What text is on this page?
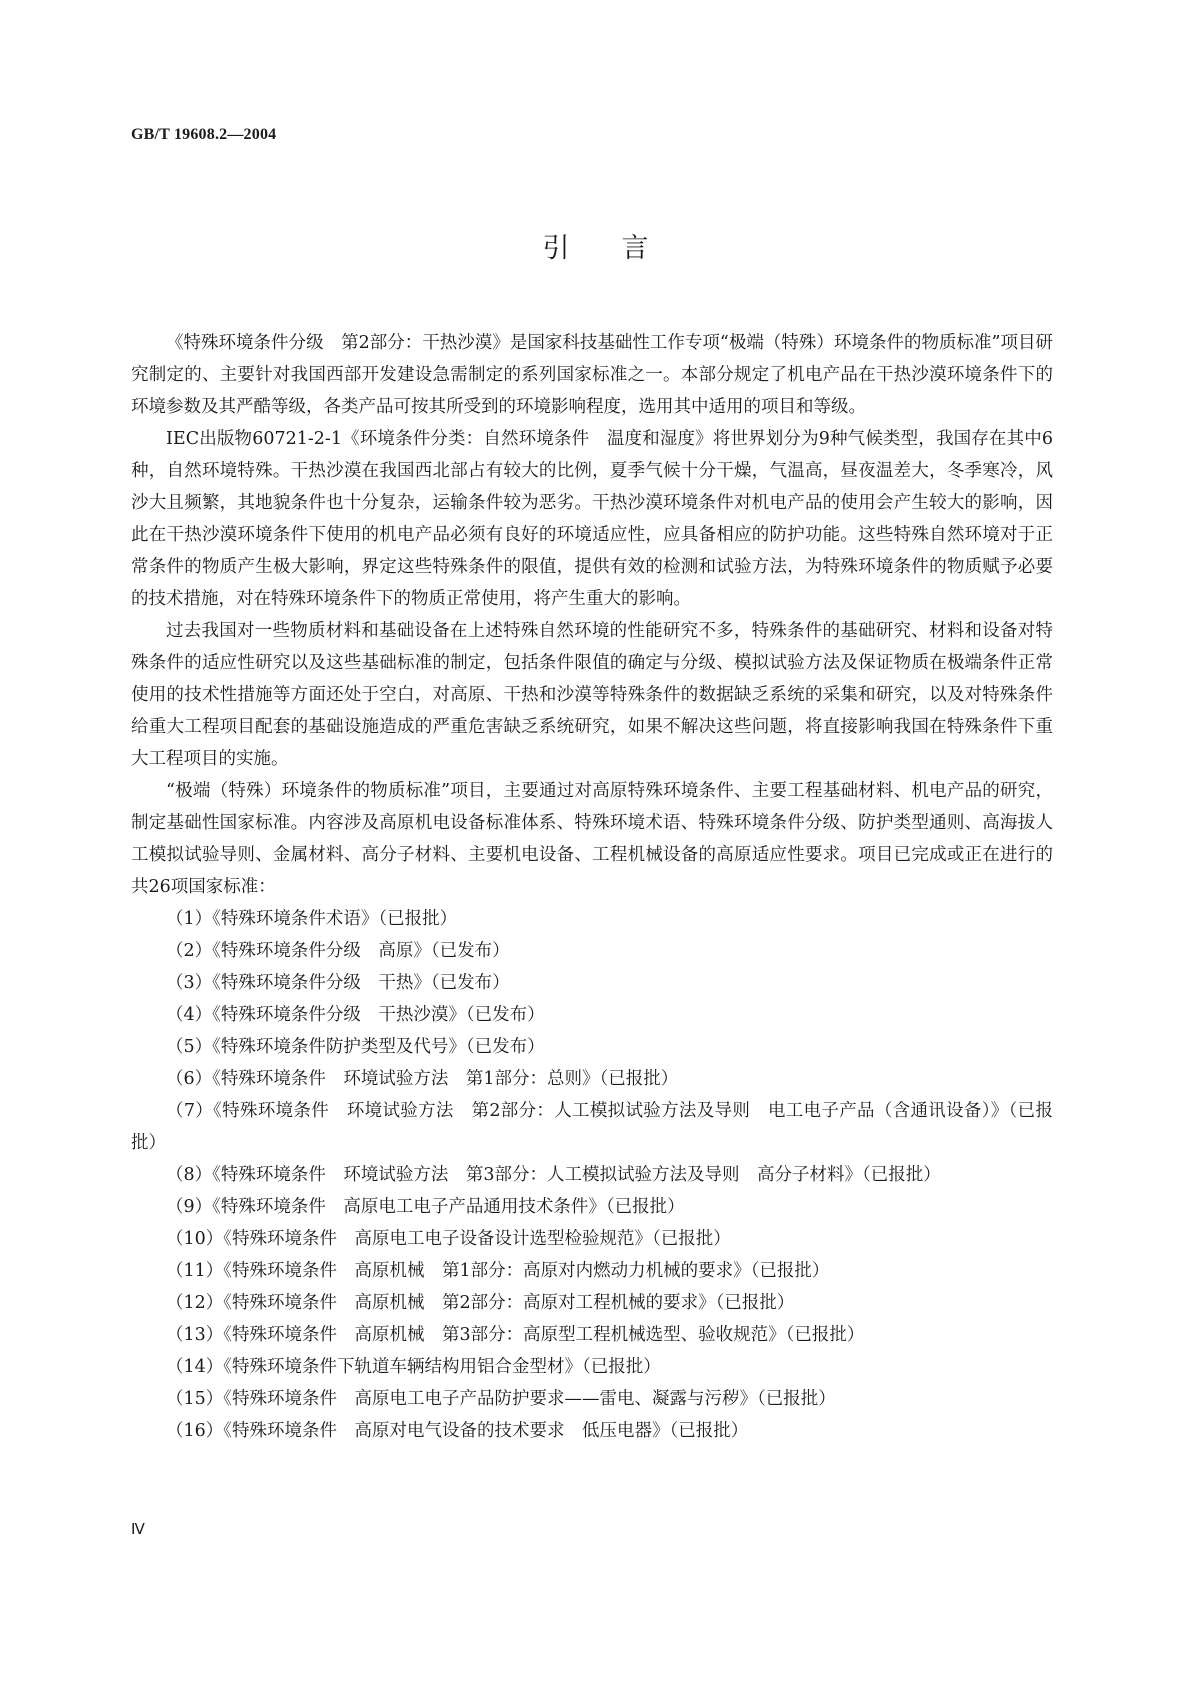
GB/T 19608.2—2004
引言

《特殊环境条件分级　第2部分：干热沙漠》是国家科技基础性工作专项“极端（特殊）环境条件的物质标准”项目研究制定的、主要针对我国西部开发建设急需制定的系列国家标准之一。本部分规定了机电产品在干热沙漠环境条件下的环境参数及其严酷等级，各类产品可按其所受到的环境影响程度，选用其中适用的项目和等级。

IEC出版物60721-2-1《环境条件分类：自然环境条件　温度和湿度》将世界划分为9种气候类型，我国存在其中6种，自然环境特殊。干热沙漠在我国西北部占有较大的比例，夏季气候十分干燥，气温高，昼夜温差大，冬季寒冷，风沙大且频繁，其地貌条件也十分复杂，运输条件较为恶劣。干热沙漠环境条件对机电产品的使用会产生较大的影响，因此在干热沙漠环境条件下使用的机电产品必须有良好的环境适应性，应具备相应的防护功能。这些特殊自然环境对于正常条件的物质产生极大影响，界定这些特殊条件的限值，提供有效的检测和试验方法，为特殊环境条件的物质赋予必要的技术措施，对在特殊环境条件下的物质正常使用，将产生重大的影响。

过去我国对一些物质材料和基础设备在上述特殊自然环境的性能研究不多，特殊条件的基础研究、材料和设备对特殊条件的适应性研究以及这些基础标准的制定，包括条件限值的确定与分级、模拟试验方法及保证物质在极端条件正常使用的技术性措施等方面还处于空白，对高原、干热和沙漠等特殊条件的数据缺乏系统的采集和研究，以及对特殊条件给重大工程项目配套的基础设施造成的严重危害缺乏系统研究，如果不解决这些问题，将直接影响我国在特殊条件下重大工程项目的实施。

“极端（特殊）环境条件的物质标准”项目，主要通过对高原特殊环境条件、主要工程基础材料、机电产品的研究，制定基础性国家标准。内容涉及高原机电设备标准体系、特殊环境术语、特殊环境条件分级、防护类型通则、高海拔人工模拟试验导则、金属材料、高分子材料、主要机电设备、工程机械设备的高原适应性要求。项目已完成或正在进行的共26项国家标准：

（1）《特殊环境条件术语》（已报批）

（2）《特殊环境条件分级　高原》（已发布）

（3）《特殊环境条件分级　干热》（已发布）

（4）《特殊环境条件分级　干热沙漠》（已发布）

（5）《特殊环境条件防护类型及代号》（已发布）

（6）《特殊环境条件　环境试验方法　第1部分：总则》（已报批）

（7）《特殊环境条件　环境试验方法　第2部分：人工模拟试验方法及导则　电工电子产品（含通讯设备）》（已报批）

（8）《特殊环境条件　环境试验方法　第3部分：人工模拟试验方法及导则　高分子材料》（已报批）

（9）《特殊环境条件　高原电工电子产品通用技术条件》（已报批）

（10）《特殊环境条件　高原电工电子设备设计选型检验规范》（已报批）

（11）《特殊环境条件　高原机械　第1部分：高原对内燃动力机械的要求》（已报批）

（12）《特殊环境条件　高原机械　第2部分：高原对工程机械的要求》（已报批）

（13）《特殊环境条件　高原机械　第3部分：高原型工程机械选型、验收规范》（已报批）

（14）《特殊环境条件下轨道车辆结构用铝合金型材》（已报批）

（15）《特殊环境条件　高原电工电子产品防护要求——雷电、凝露与污秽》（已报批）

（16）《特殊环境条件　高原对电气设备的技术要求　低压电器》（已报批）

Ⅳ
